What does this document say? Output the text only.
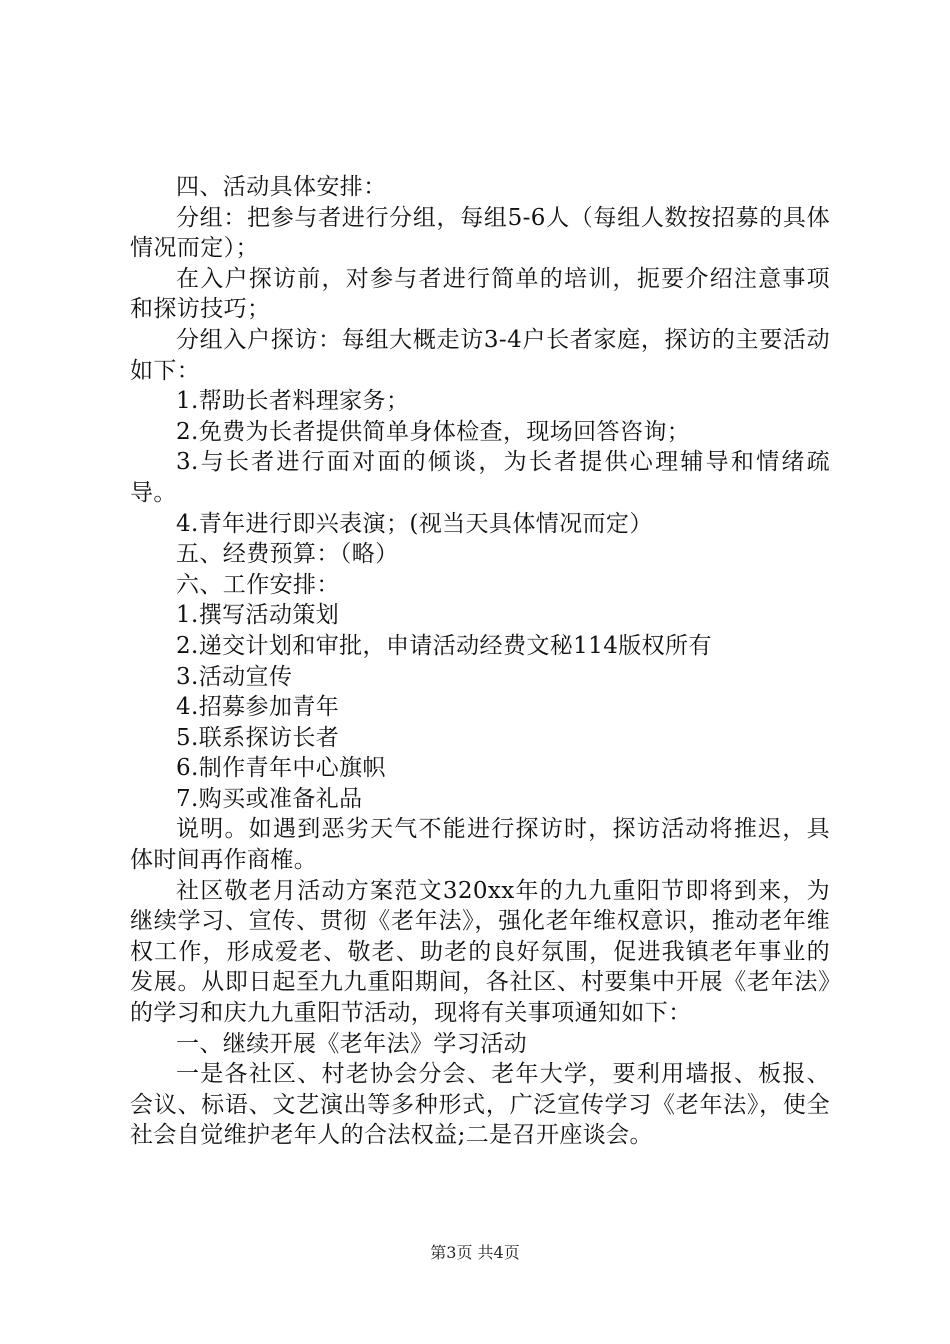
四、活动具体安排：

分组：把参与者进行分组，每组5-6人（每组人数按招募的具体情况而定）；

在入户探访前，对参与者进行简单的培训，扼要介绍注意事项和探访技巧；

分组入户探访：每组大概走访3-4户长者家庭，探访的主要活动如下：

1.帮助长者料理家务；

2.免费为长者提供简单身体检查，现场回答咨询；

3.与长者进行面对面的倾谈，为长者提供心理辅导和情绪疏导。

4.青年进行即兴表演；(视当天具体情况而定）

五、经费预算：（略）

六、工作安排：

1.撰写活动策划

2.递交计划和审批，申请活动经费文秘114版权所有

3.活动宣传

4.招募参加青年

5.联系探访长者

6.制作青年中心旗帜

7.购买或准备礼品

说明。如遇到恶劣天气不能进行探访时，探访活动将推迟，具体时间再作商榷。

社区敬老月活动方案范文320xx年的九九重阳节即将到来，为继续学习、宣传、贯彻《老年法》，强化老年维权意识，推动老年维权工作，形成爱老、敬老、助老的良好氛围，促进我镇老年事业的发展。从即日起至九九重阳期间，各社区、村要集中开展《老年法》的学习和庆九九重阳节活动，现将有关事项通知如下：

一、继续开展《老年法》学习活动

一是各社区、村老协会分会、老年大学，要利用墙报、板报、会议、标语、文艺演出等多种形式，广泛宣传学习《老年法》，使全社会自觉维护老年人的合法权益;二是召开座谈会。

第3页 共4页
